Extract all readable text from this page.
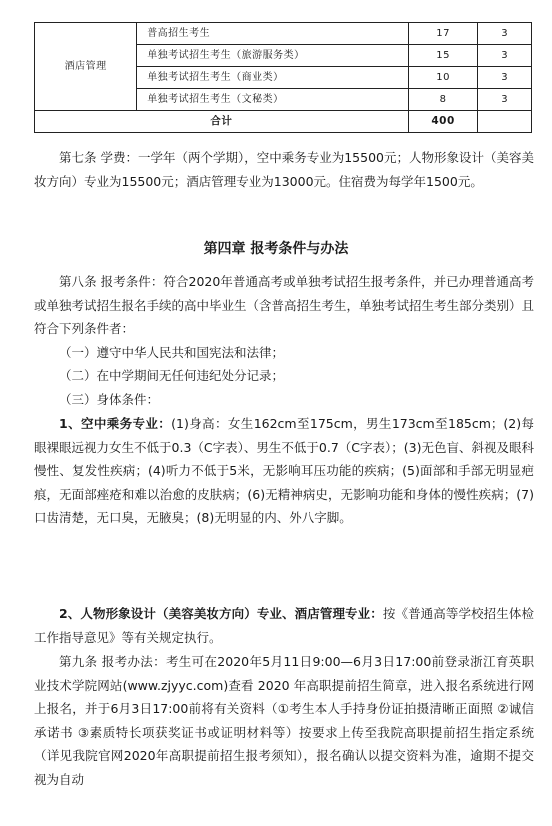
酒店管理	普高招生考生	17	3
	单独考试招生考生（旅游服务类）	15	3
	单独考试招生考生（商业类）	10	3
	单独考试招生考生（文秘类）	8	3
合计		400	

第七条 学费：一学年（两个学期），空中乘务专业为15500元；人物形象设计（美容美妆方向）专业为15500元；酒店管理专业为13000元。住宿费为每学年1500元。

第四章 报考条件与办法

第八条 报考条件：符合2020年普通高考或单独考试招生报考条件，并已办理普通高考或单独考试招生报名手续的高中毕业生（含普高招生考生，单独考试招生考生部分类别）且符合下列条件者：

（一）遵守中华人民共和国宪法和法律；

（二）在中学期间无任何违纪处分记录；

（三）身体条件：

1、空中乘务专业：(1)身高：女生162cm至175cm，男生173cm至185cm；(2)每眼裸眼远视力女生不低于0.3（C字表）、男生不低于0.7（C字表）；(3)无色盲、斜视及眼科慢性、复发性疾病；(4)听力不低于5米，无影响耳压功能的疾病；(5)面部和手部无明显疤痕，无面部痤疮和难以治愈的皮肤病；(6)无精神病史，无影响功能和身体的慢性疾病；(7)口齿清楚，无口臭，无腋臭；(8)无明显的内、外八字脚。

2、人物形象设计（美容美妆方向）专业、酒店管理专业：按《普通高等学校招生体检工作指导意见》等有关规定执行。

第九条 报考办法：考生可在2020年5月11日9:00—6月3日17:00前登录浙江育英职业技术学院网站(www.zjyyc.com)查看 2020 年高职提前招生简章，进入报名系统进行网上报名，并于6月3日17:00前将有关资料（①考生本人手持身份证拍摄清晰正面照 ②诚信承诺书 ③素质特长项获奖证书或证明材料等）按要求上传至我院高职提前招生指定系统（详见我院官网2020年高职提前招生报考须知），报名确认以提交资料为准，逾期不提交视为自动
